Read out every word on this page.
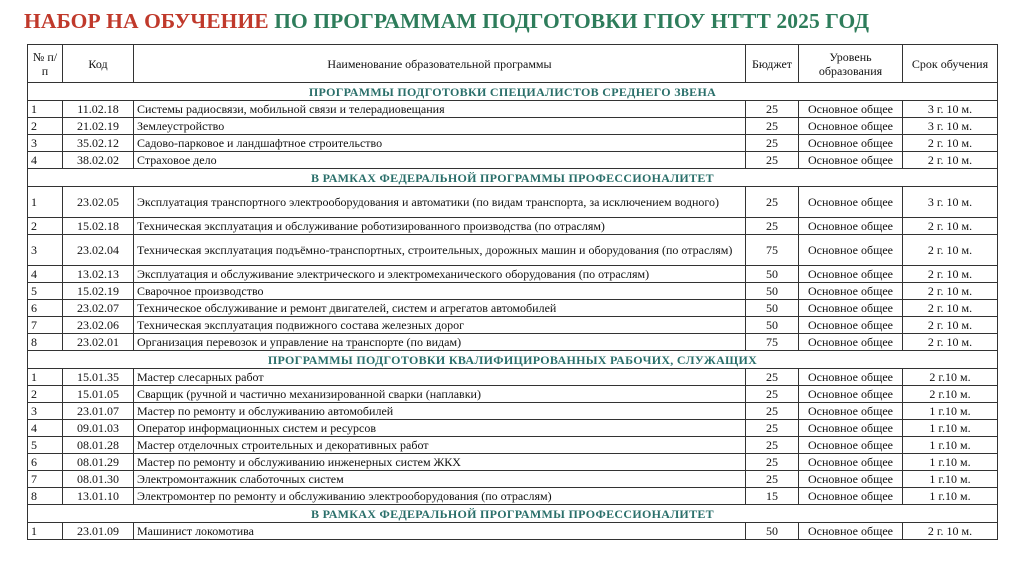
НАБОР НА ОБУЧЕНИЕ ПО ПРОГРАММАМ ПОДГОТОВКИ ГПОУ НТТТ 2025 ГОД
№ п/п	Код	Наименование образовательной программы	Бюджет	Уровень образования	Срок обучения
ПРОГРАММЫ ПОДГОТОВКИ СПЕЦИАЛИСТОВ СРЕДНЕГО ЗВЕНА					
1	11.02.18	Системы радиосвязи, мобильной связи и телерадиовещания	25	Основное общее	3 г. 10 м.
2	21.02.19	Землеустройство	25	Основное общее	3 г. 10 м.
3	35.02.12	Садово-парковое и ландшафтное строительство	25	Основное общее	2 г. 10 м.
4	38.02.02	Страховое дело	25	Основное общее	2 г. 10 м.
В РАМКАХ ФЕДЕРАЛЬНОЙ ПРОГРАММЫ ПРОФЕССИОНАЛИТЕТ					
1	23.02.05	Эксплуатация транспортного электрооборудования и автоматики (по видам транспорта, за исключением водного)	25	Основное общее	3 г. 10 м.
2	15.02.18	Техническая эксплуатация и обслуживание роботизированного производства (по отраслям)	25	Основное общее	2 г. 10 м.
3	23.02.04	Техническая эксплуатация подъёмно-транспортных, строительных, дорожных машин и оборудования (по отраслям)	75	Основное общее	2 г. 10 м.
4	13.02.13	Эксплуатация и обслуживание электрического и электромеханического оборудования (по отраслям)	50	Основное общее	2 г. 10 м.
5	15.02.19	Сварочное производство	50	Основное общее	2 г. 10 м.
6	23.02.07	Техническое обслуживание и ремонт двигателей, систем и агрегатов автомобилей	50	Основное общее	2 г. 10 м.
7	23.02.06	Техническая эксплуатация подвижного состава железных дорог	50	Основное общее	2 г. 10 м.
8	23.02.01	Организация перевозок и управление на транспорте (по видам)	75	Основное общее	2 г. 10 м.
ПРОГРАММЫ ПОДГОТОВКИ КВАЛИФИЦИРОВАННЫХ РАБОЧИХ, СЛУЖАЩИХ					
1	15.01.35	Мастер слесарных работ	25	Основное общее	2 г.10 м.
2	15.01.05	Сварщик (ручной и частично механизированной сварки (наплавки)	25	Основное общее	2 г.10 м.
3	23.01.07	Мастер по ремонту и обслуживанию автомобилей	25	Основное общее	1 г.10 м.
4	09.01.03	Оператор информационных систем и ресурсов	25	Основное общее	1 г.10 м.
5	08.01.28	Мастер отделочных строительных и декоративных работ	25	Основное общее	1 г.10 м.
6	08.01.29	Мастер по ремонту и обслуживанию инженерных систем ЖКХ	25	Основное общее	1 г.10 м.
7	08.01.30	Электромонтажник слаботочных систем	25	Основное общее	1 г.10 м.
8	13.01.10	Электромонтер по ремонту и обслуживанию электрооборудования (по отраслям)	15	Основное общее	1 г.10 м.
В РАМКАХ ФЕДЕРАЛЬНОЙ ПРОГРАММЫ ПРОФЕССИОНАЛИТЕТ					
1	23.01.09	Машинист локомотива	50	Основное общее	2 г. 10 м.
